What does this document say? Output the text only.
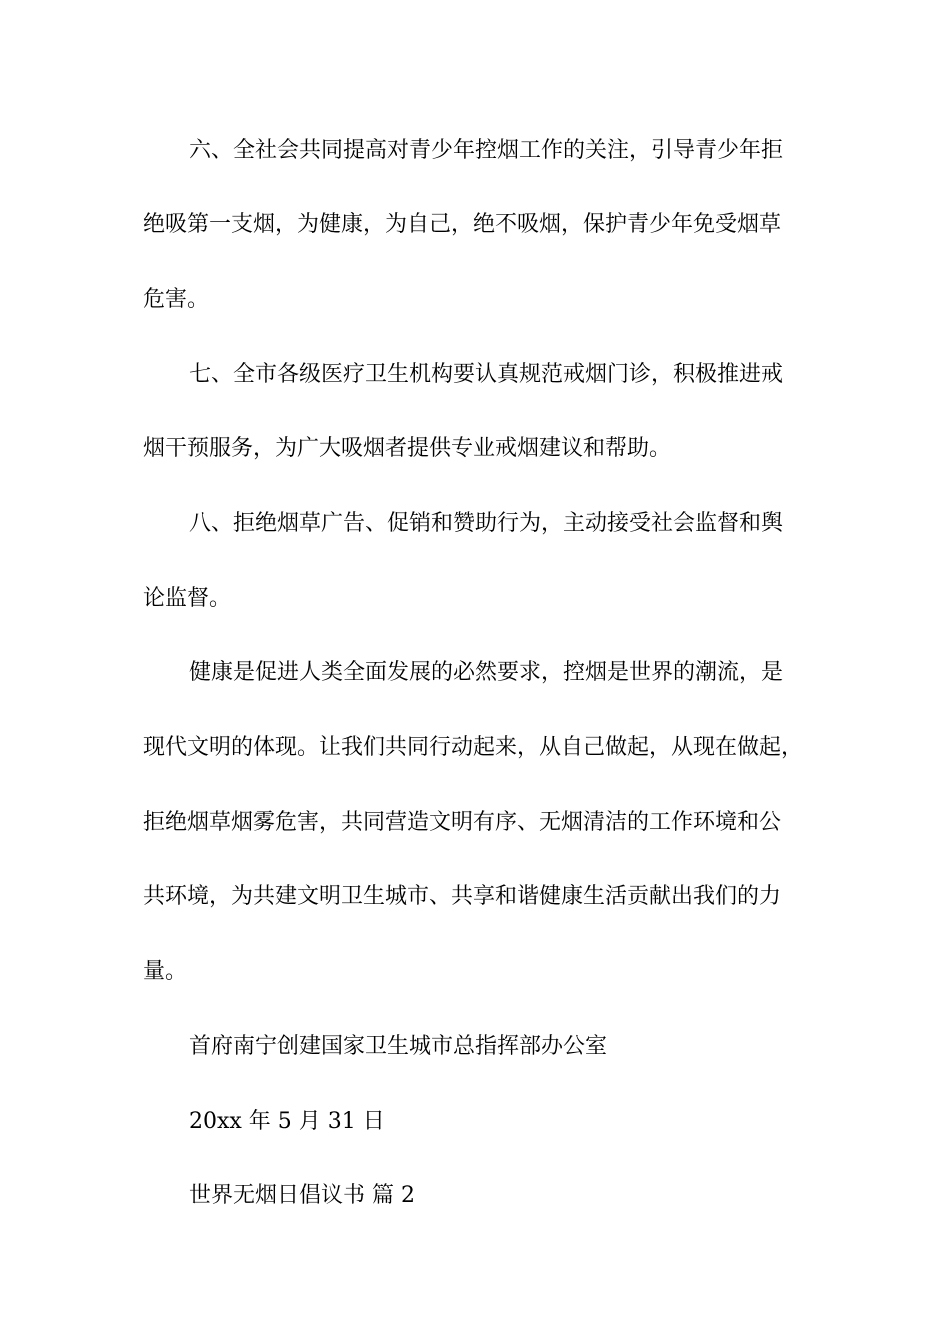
六、全社会共同提高对青少年控烟工作的关注，引导青少年拒
绝吸第一支烟，为健康，为自己，绝不吸烟，保护青少年免受烟草
危害。
七、全市各级医疗卫生机构要认真规范戒烟门诊，积极推进戒
烟干预服务，为广大吸烟者提供专业戒烟建议和帮助。
八、拒绝烟草广告、促销和赞助行为，主动接受社会监督和舆
论监督。
健康是促进人类全面发展的必然要求，控烟是世界的潮流，是
现代文明的体现。让我们共同行动起来，从自己做起，从现在做起，
拒绝烟草烟雾危害，共同营造文明有序、无烟清洁的工作环境和公
共环境，为共建文明卫生城市、共享和谐健康生活贡献出我们的力
量。
首府南宁创建国家卫生城市总指挥部办公室
20xx 年 5 月 31 日
世界无烟日倡议书 篇 2
